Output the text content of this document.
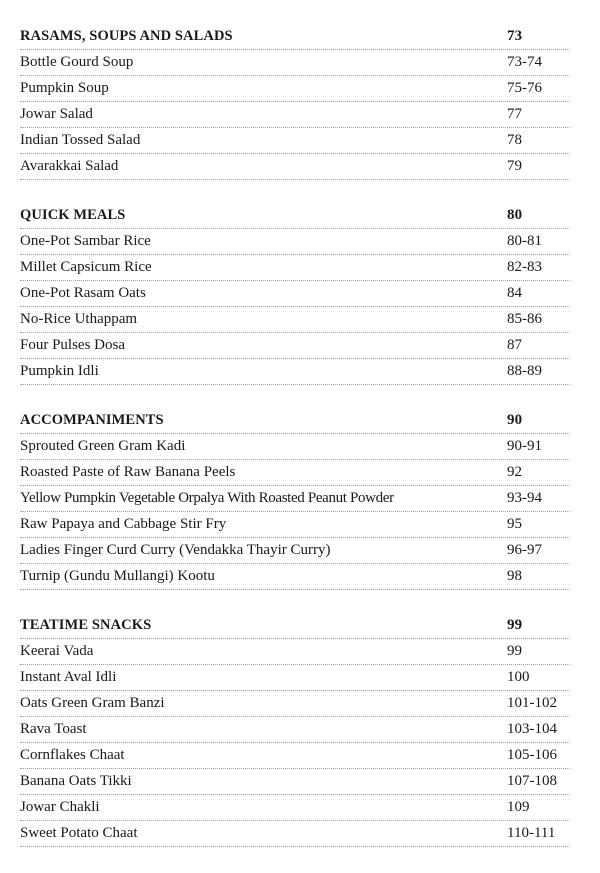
RASAMS, SOUPS AND SALADS	73
Bottle Gourd Soup	73-74
Pumpkin Soup	75-76
Jowar Salad	77
Indian Tossed Salad	78
Avarakkai Salad	79
QUICK MEALS	80
One-Pot Sambar Rice	80-81
Millet Capsicum Rice	82-83
One-Pot Rasam Oats	84
No-Rice Uthappam	85-86
Four Pulses Dosa	87
Pumpkin Idli	88-89
ACCOMPANIMENTS	90
Sprouted Green Gram Kadi	90-91
Roasted Paste of Raw Banana Peels	92
Yellow Pumpkin Vegetable Orpalya With Roasted Peanut Powder	93-94
Raw Papaya and Cabbage Stir Fry	95
Ladies Finger Curd Curry (Vendakka Thayir Curry)	96-97
Turnip (Gundu Mullangi) Kootu	98
TEATIME SNACKS	99
Keerai Vada	99
Instant Aval Idli	100
Oats Green Gram Banzi	101-102
Rava Toast	103-104
Cornflakes Chaat	105-106
Banana Oats Tikki	107-108
Jowar Chakli	109
Sweet Potato Chaat	110-111
